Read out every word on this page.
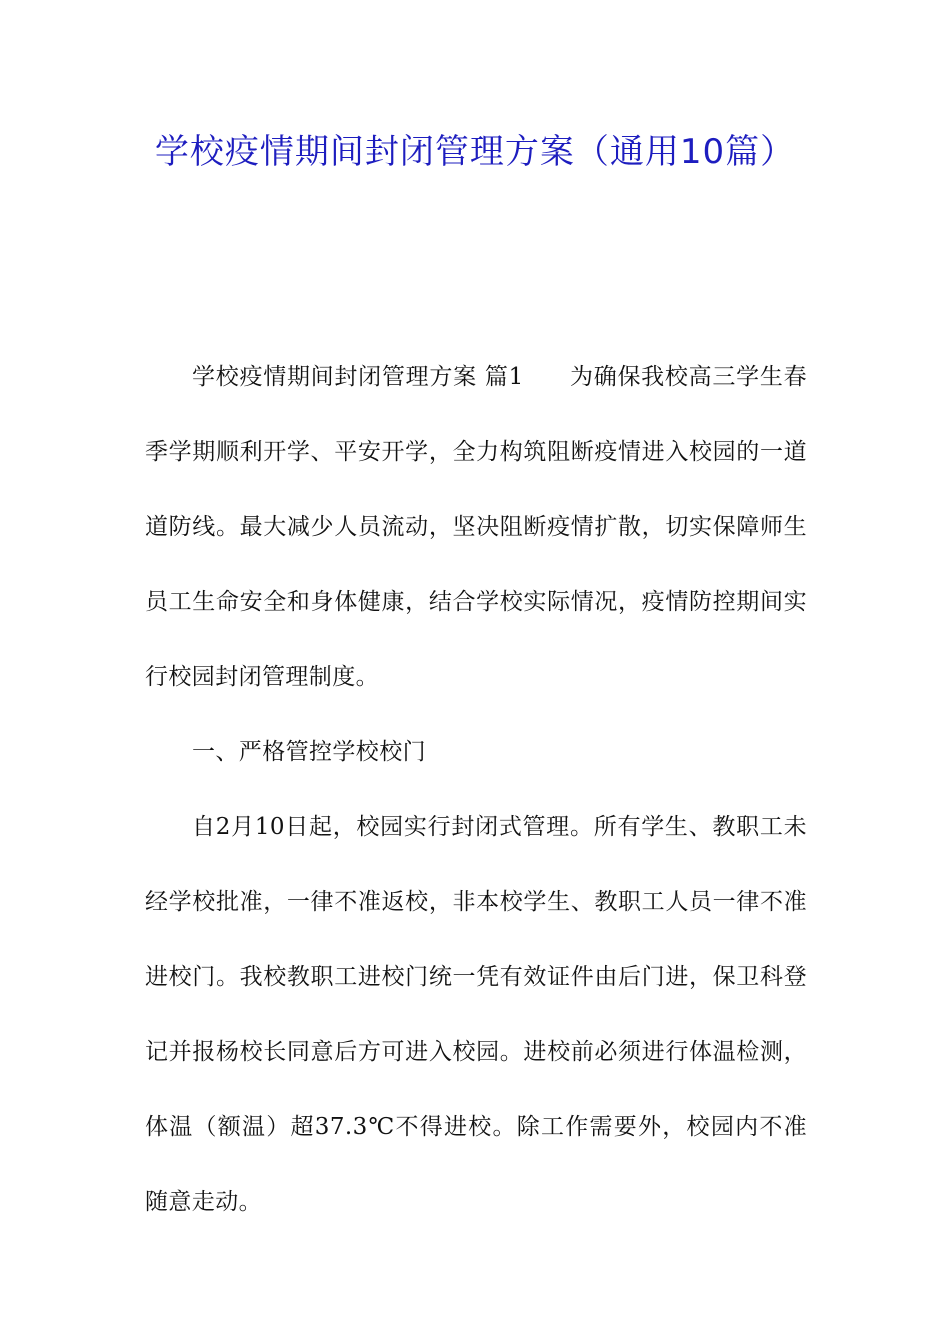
学校疫情期间封闭管理方案（通用10篇）

学校疫情期间封闭管理方案 篇1 为确保我校高三学生春季学期顺利开学、平安开学，全力构筑阻断疫情进入校园的一道道防线。最大减少人员流动，坚决阻断疫情扩散，切实保障师生员工生命安全和身体健康，结合学校实际情况，疫情防控期间实行校园封闭管理制度。

一、严格管控学校校门

自2月10日起，校园实行封闭式管理。所有学生、教职工未经学校批准，一律不准返校，非本校学生、教职工人员一律不准进校门。我校教职工进校门统一凭有效证件由后门进，保卫科登记并报杨校长同意后方可进入校园。进校前必须进行体温检测，体温（额温）超37.3℃不得进校。除工作需要外，校园内不准随意走动。
